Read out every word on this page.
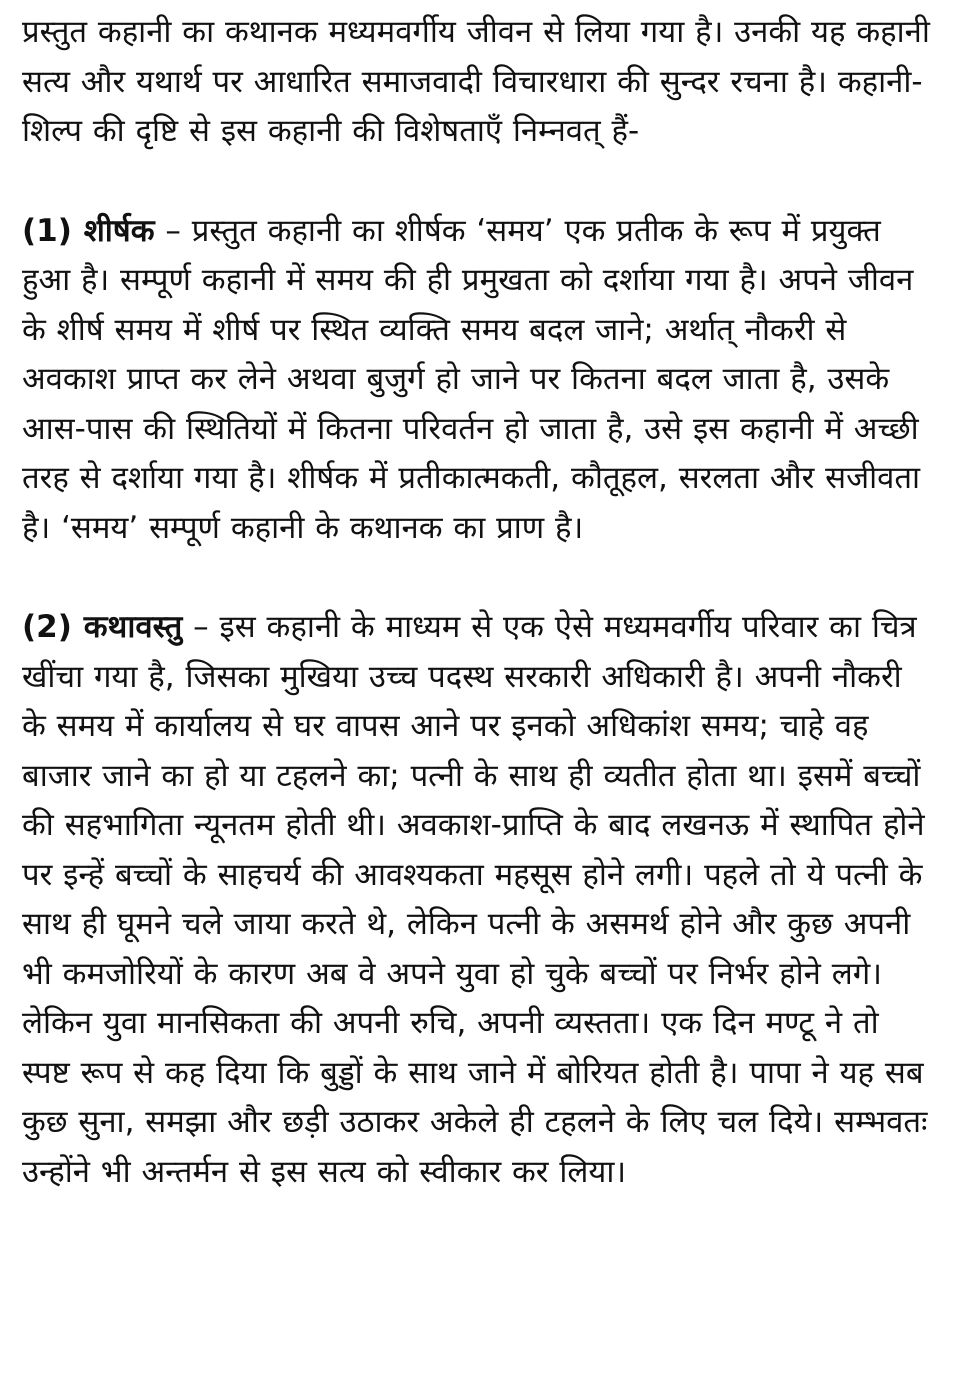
प्रस्तुत कहानी का कथानक मध्यमवर्गीय जीवन से लिया गया है। उनकी यह कहानी सत्य और यथार्थ पर आधारित समाजवादी विचारधारा की सुन्दर रचना है। कहानी-शिल्प की दृष्टि से इस कहानी की विशेषताएँ निम्नवत् हैं-

(1) शीर्षक – प्रस्तुत कहानी का शीर्षक ‘समय’ एक प्रतीक के रूप में प्रयुक्त हुआ है। सम्पूर्ण कहानी में समय की ही प्रमुखता को दर्शाया गया है। अपने जीवन के शीर्ष समय में शीर्ष पर स्थित व्यक्ति समय बदल जाने; अर्थात् नौकरी से अवकाश प्राप्त कर लेने अथवा बुजुर्ग हो जाने पर कितना बदल जाता है, उसके आस-पास की स्थितियों में कितना परिवर्तन हो जाता है, उसे इस कहानी में अच्छी तरह से दर्शाया गया है। शीर्षक में प्रतीकात्मकती, कौतूहल, सरलता और सजीवता है। ‘समय’ सम्पूर्ण कहानी के कथानक का प्राण है।

(2) कथावस्तु – इस कहानी के माध्यम से एक ऐसे मध्यमवर्गीय परिवार का चित्र खींचा गया है, जिसका मुखिया उच्च पदस्थ सरकारी अधिकारी है। अपनी नौकरी के समय में कार्यालय से घर वापस आने पर इनको अधिकांश समय; चाहे वह बाजार जाने का हो या टहलने का; पत्नी के साथ ही व्यतीत होता था। इसमें बच्चों की सहभागिता न्यूनतम होती थी। अवकाश-प्राप्ति के बाद लखनऊ में स्थापित होने पर इन्हें बच्चों के साहचर्य की आवश्यकता महसूस होने लगी। पहले तो ये पत्नी के साथ ही घूमने चले जाया करते थे, लेकिन पत्नी के असमर्थ होने और कुछ अपनी भी कमजोरियों के कारण अब वे अपने युवा हो चुके बच्चों पर निर्भर होने लगे। लेकिन युवा मानसिकता की अपनी रुचि, अपनी व्यस्तता। एक दिन मण्टू ने तो स्पष्ट रूप से कह दिया कि बुड्डों के साथ जाने में बोरियत होती है। पापा ने यह सब कुछ सुना, समझा और छड़ी उठाकर अकेले ही टहलने के लिए चल दिये। सम्भवतः उन्होंने भी अन्तर्मन से इस सत्य को स्वीकार कर लिया।
